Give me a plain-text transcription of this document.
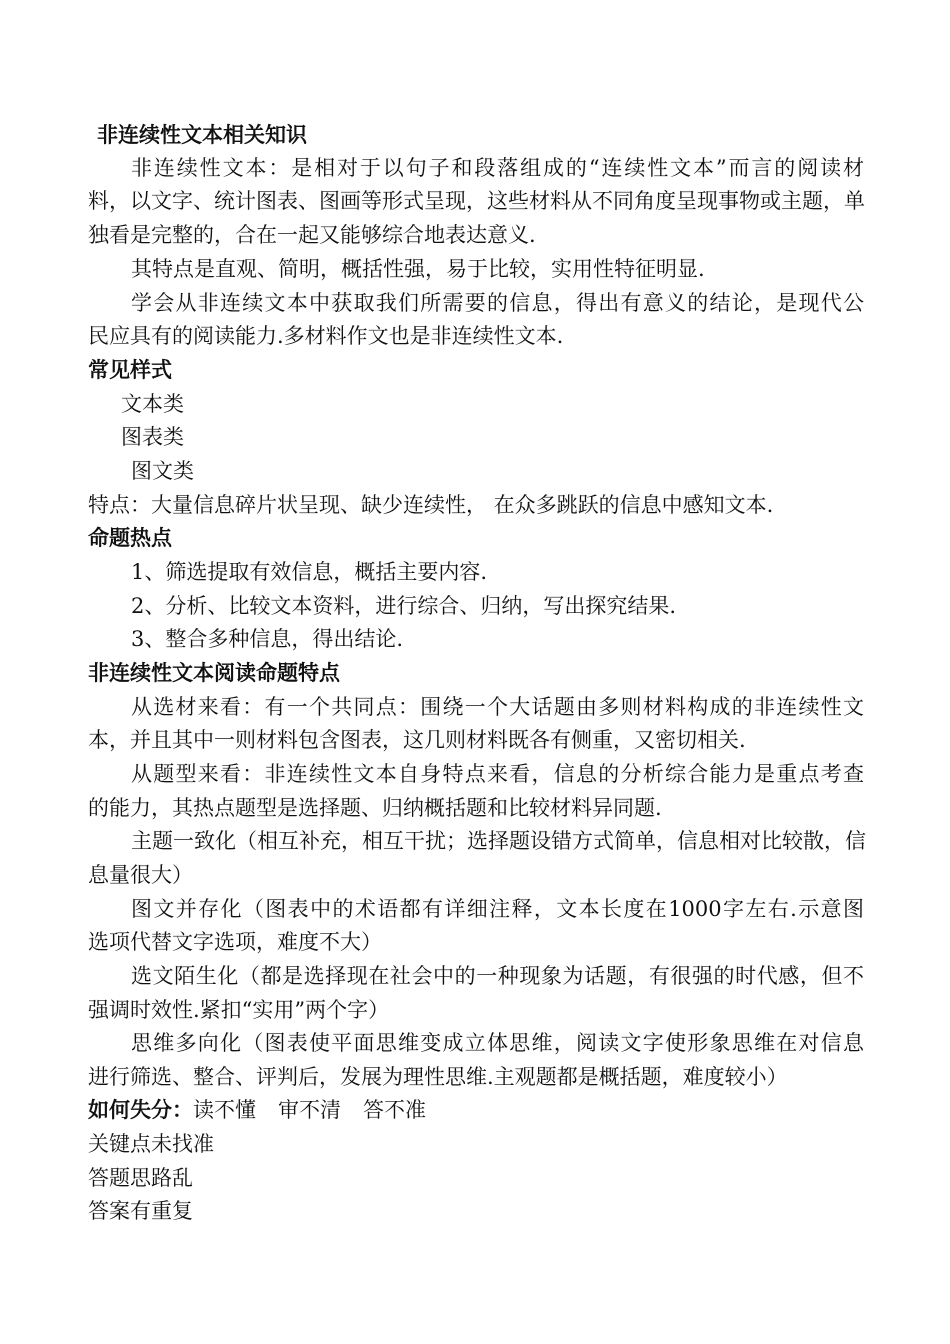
非连续性文本相关知识
非连续性文本：是相对于以句子和段落组成的“连续性文本”而言的阅读材
料，以文字、统计图表、图画等形式呈现，这些材料从不同角度呈现事物或主题，单
独看是完整的，合在一起又能够综合地表达意义.
其特点是直观、简明，概括性强，易于比较，实用性特征明显.
学会从非连续文本中获取我们所需要的信息，得出有意义的结论，是现代公
民应具有的阅读能力.多材料作文也是非连续性文本.
常见样式
文本类
图表类
图文类
特点：大量信息碎片状呈现、缺少连续性， 在众多跳跃的信息中感知文本.
命题热点
1、筛选提取有效信息，概括主要内容.
2、分析、比较文本资料，进行综合、归纳，写出探究结果.
3、整合多种信息，得出结论.
非连续性文本阅读命题特点
从选材来看：有一个共同点：围绕一个大话题由多则材料构成的非连续性文
本，并且其中一则材料包含图表，这几则材料既各有侧重，又密切相关.
从题型来看：非连续性文本自身特点来看，信息的分析综合能力是重点考查
的能力，其热点题型是选择题、归纳概括题和比较材料异同题.
主题一致化（相互补充，相互干扰；选择题设错方式简单，信息相对比较散，信
息量很大）
图文并存化（图表中的术语都有详细注释，文本长度在1000字左右.示意图
选项代替文字选项，难度不大）
选文陌生化（都是选择现在社会中的一种现象为话题，有很强的时代感，但不
强调时效性.紧扣“实用”两个字）
思维多向化（图表使平面思维变成立体思维，阅读文字使形象思维在对信息
进行筛选、整合、评判后，发展为理性思维.主观题都是概括题，难度较小）
如何失分：读不懂 审不清 答不准
关键点未找准
答题思路乱
答案有重复
